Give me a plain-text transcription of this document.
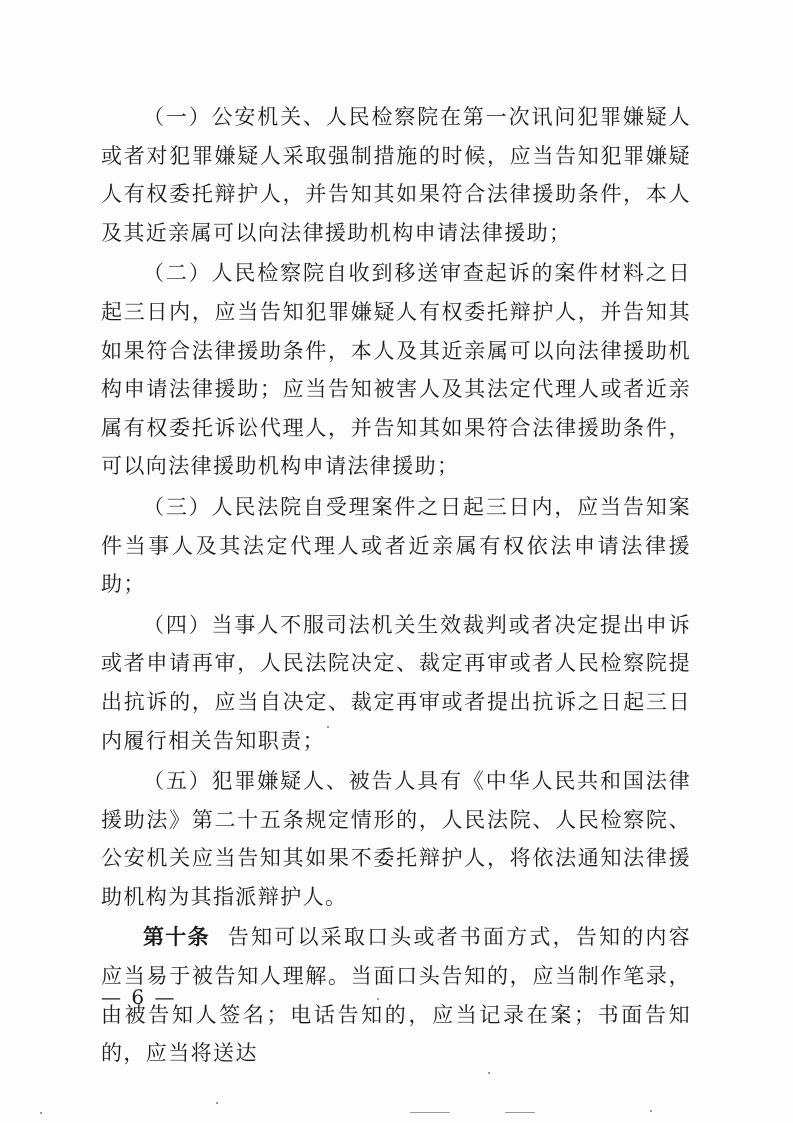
（一）公安机关、人民检察院在第一次讯问犯罪嫌疑人或者对犯罪嫌疑人采取强制措施的时候，应当告知犯罪嫌疑人有权委托辩护人，并告知其如果符合法律援助条件，本人及其近亲属可以向法律援助机构申请法律援助；

（二）人民检察院自收到移送审查起诉的案件材料之日起三日内，应当告知犯罪嫌疑人有权委托辩护人，并告知其如果符合法律援助条件，本人及其近亲属可以向法律援助机构申请法律援助；应当告知被害人及其法定代理人或者近亲属有权委托诉讼代理人，并告知其如果符合法律援助条件，可以向法律援助机构申请法律援助；

（三）人民法院自受理案件之日起三日内，应当告知案件当事人及其法定代理人或者近亲属有权依法申请法律援助；

（四）当事人不服司法机关生效裁判或者决定提出申诉或者申请再审，人民法院决定、裁定再审或者人民检察院提出抗诉的，应当自决定、裁定再审或者提出抗诉之日起三日内履行相关告知职责；

（五）犯罪嫌疑人、被告人具有《中华人民共和国法律援助法》第二十五条规定情形的，人民法院、人民检察院、公安机关应当告知其如果不委托辩护人，将依法通知法律援助机构为其指派辩护人。

第十条 告知可以采取口头或者书面方式，告知的内容应当易于被告知人理解。当面口头告知的，应当制作笔录，由被告知人签名；电话告知的，应当记录在案；书面告知的，应当将送达

— 6 —
